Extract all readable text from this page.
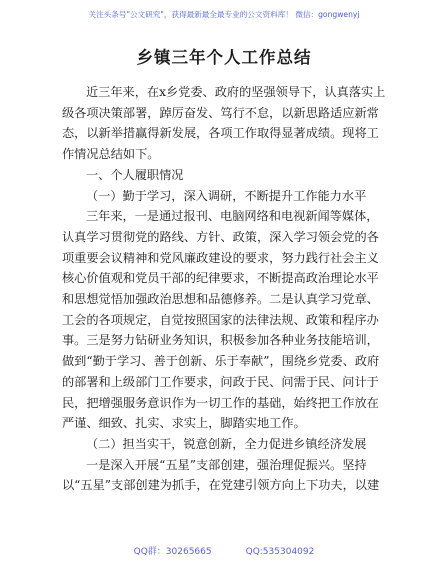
关注头条号"公文研究"，获得最新最全最专业的公文资料库！ 微信：gongwenyj
乡镇三年个人工作总结

近三年来，在x乡党委、政府的坚强领导下，认真落实上级各项决策部署，踔厉奋发、笃行不怠，以新思路适应新常态，以新举措赢得新发展，各项工作取得显著成绩。现将工作情况总结如下。

一、个人履职情况

（一）勤于学习，深入调研，不断提升工作能力水平

三年来，一是通过报刊、电脑网络和电视新闻等媒体，认真学习贯彻党的路线、方针、政策，深入学习领会党的各项重要会议精神和党风廉政建设的要求，努力践行社会主义核心价值观和党员干部的纪律要求，不断提高政治理论水平和思想觉悟加强政治思想和品德修养。二是认真学习党章、工会的各项规定，自觉按照国家的法律法规、政策和程序办事。三是努力钻研业务知识，积极参加各种业务技能培训，做到“勤于学习、善于创新、乐于奉献”，围绕乡党委、政府的部署和上级部门工作要求，问政于民、问需于民、问计于民，把增强服务意识作为一切工作的基础，始终把工作放在严谨、细致、扎实、求实上，脚踏实地工作。

（二）担当实干，锐意创新，全力促进乡镇经济发展

一是深入开展“五星”支部创建，强治理促振兴。坚持以“五星”支部创建为抓手，在党建引领方向上下功夫，以建

QQ群：30265665	QQ:535304092
